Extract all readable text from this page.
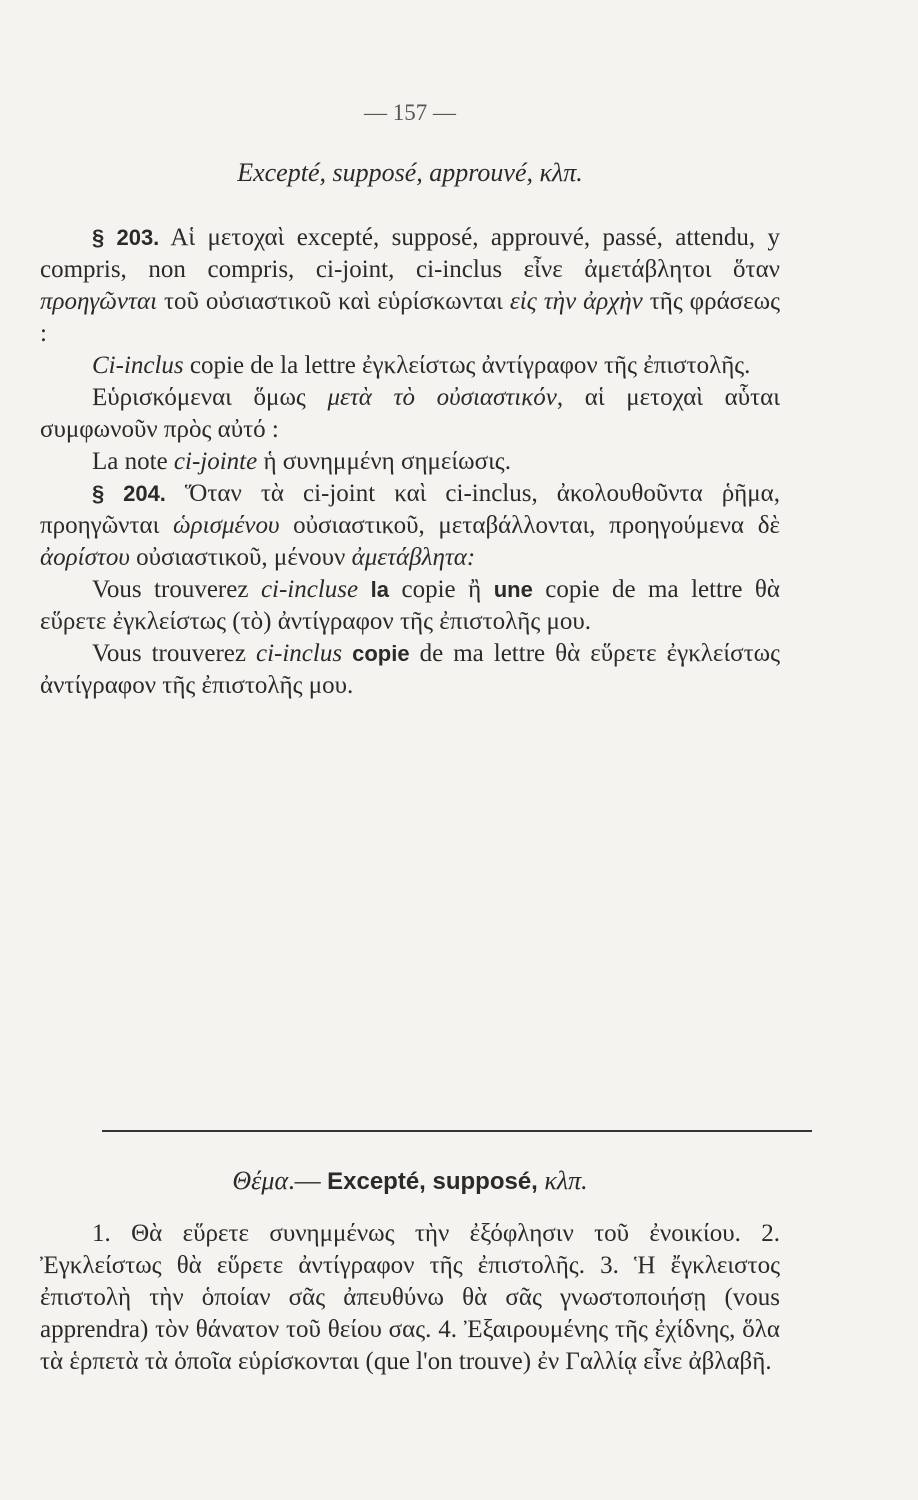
— 157 —
Excepté, supposé, approuvé, κλπ.

§ 203. Αἱ μετοχαὶ excepté, supposé, approuvé, passé, attendu, y compris, non compris, ci-joint, ci-inclus εἶνε ἀμετάβλητοι ὅταν προηγῶνται τοῦ οὐσιαστικοῦ καὶ εὑρίσκωνται εἰς τὴν ἀρχὴν τῆς φράσεως :

Ci-inclus copie de la lettre ἐγκλείστως ἀντίγραφον τῆς ἐπιστολῆς.

Εὑρισκόμεναι ὅμως μετὰ τὸ οὐσιαστικόν, αἱ μετοχαὶ αὗται συμφωνοῦν πρὸς αὐτό :

La note ci-jointe ἡ συνημμένη σημείωσις.

§ 204. Ὅταν τὰ ci-joint καὶ ci-inclus, ἀκολουθοῦντα ῥῆμα, προηγῶνται ὡρισμένου οὐσιαστικοῦ, μεταβάλλονται, προηγούμενα δὲ ἀορίστου οὐσιαστικοῦ, μένουν ἀμετάβλητα:

Vous trouverez ci-incluse la copie ἢ une copie de ma lettre θὰ εὕρετε ἐγκλείστως (τὸ) ἀντίγραφον τῆς ἐπιστολῆς μου.

Vous trouverez ci-inclus copie de ma lettre θὰ εὕρετε ἐγκλείστως ἀντίγραφον τῆς ἐπιστολῆς μου.

Θέμα.— Excepté, supposé, κλπ.

1. Θὰ εὕρετε συνημμένως τὴν ἐξόφλησιν τοῦ ἐνοικίου. 2. Ἐγκλείστως θὰ εὕρετε ἀντίγραφον τῆς ἐπιστολῆς. 3. Ἡ ἔγκλειστος ἐπιστολὴ τὴν ὁποίαν σᾶς ἀπευθύνω θὰ σᾶς γνωστοποιήσῃ (vous apprendra) τὸν θάνατον τοῦ θείου σας. 4. Ἐξαιρουμένης τῆς ἐχίδνης, ὅλα τὰ ἑρπετὰ τὰ ὁποῖα εὑρίσκονται (que l'on trouve) ἐν Γαλλίᾳ εἶνε ἀβλαβῆ.
